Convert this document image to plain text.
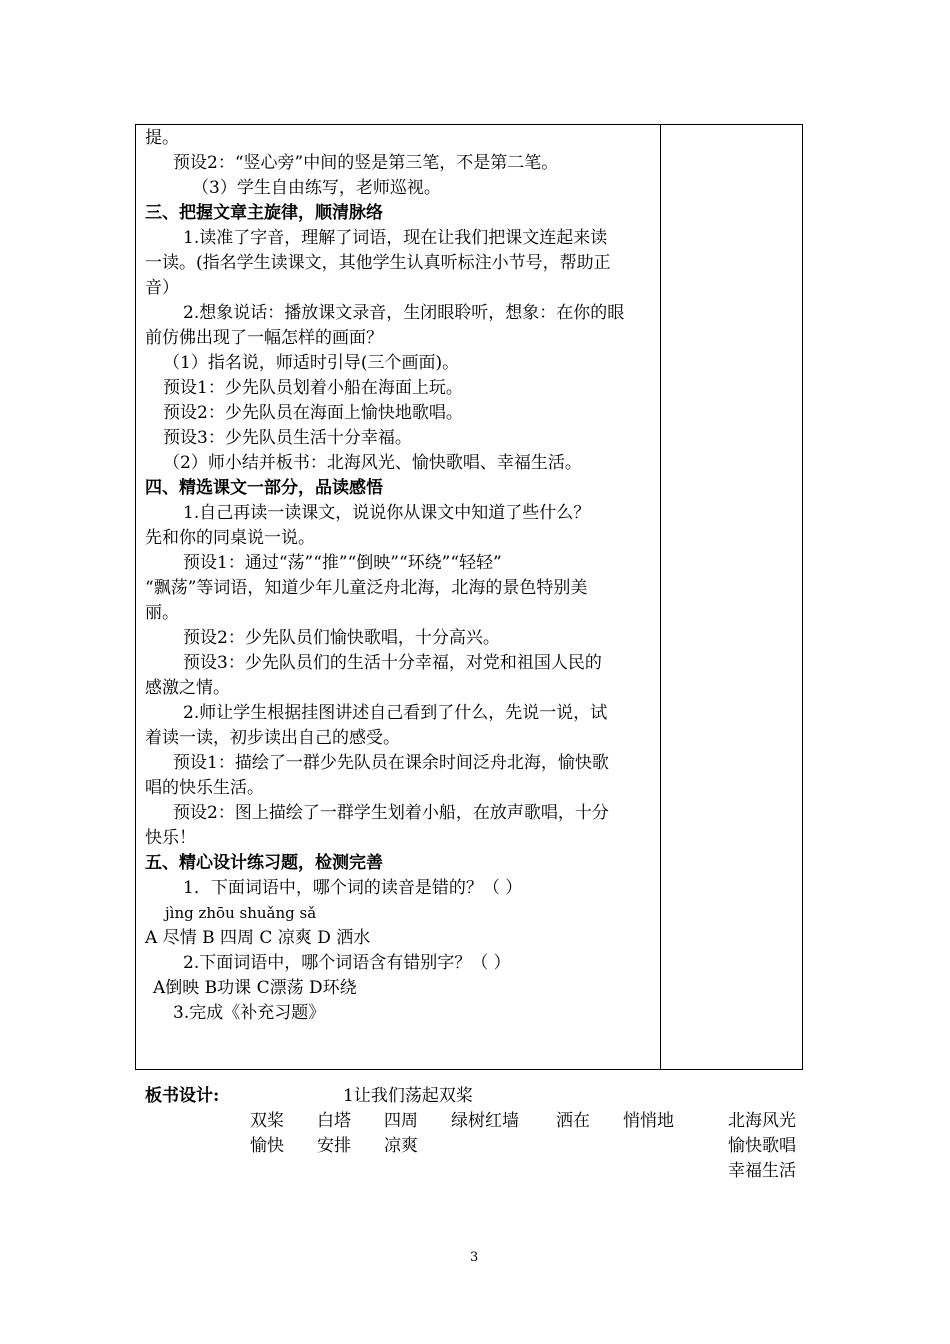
提。
预设2：“竖心旁”中间的竖是第三笔，不是第二笔。
（3）学生自由练写，老师巡视。
三、把握文章主旋律，顺清脉络
1.读准了字音，理解了词语，现在让我们把课文连起来读
一读。(指名学生读课文，其他学生认真听标注小节号，帮助正
音）
2.想象说话：播放课文录音，生闭眼聆听，想象：在你的眼
前仿佛出现了一幅怎样的画面？
（1）指名说，师适时引导(三个画面)。
预设1：少先队员划着小船在海面上玩。
预设2：少先队员在海面上愉快地歌唱。
预设3：少先队员生活十分幸福。
（2）师小结并板书：北海风光、愉快歌唱、幸福生活。
四、精选课文一部分，品读感悟
1.自己再读一读课文，说说你从课文中知道了些什么？
先和你的同桌说一说。
预设1：通过“荡”“推”“倒映”“环绕”“轻轻”
“飘荡”等词语，知道少年儿童泛舟北海，北海的景色特别美
丽。
预设2：少先队员们愉快歌唱，十分高兴。
预设3：少先队员们的生活十分幸福，对党和祖国人民的
感激之情。
2.师让学生根据挂图讲述自己看到了什么，先说一说，试
着读一读，初步读出自己的感受。
预设1：描绘了一群少先队员在课余时间泛舟北海，愉快歌
唱的快乐生活。
预设2：图上描绘了一群学生划着小船，在放声歌唱，十分
快乐！
五、精心设计练习题，检测完善
1．下面词语中，哪个词的读音是错的？（ ）
jìng zhōu shuǎng sǎ
A 尽情 B 四周 C 凉爽 D 洒水
2.下面词语中，哪个词语含有错别字？（ ）
A倒映 B功课 C漂荡 D环绕
3.完成《补充习题》
板书设计:	1让我们荡起双桨
双桨 白塔 四周 绿树红墙 洒在 悄悄地
愉快 安排 凉爽
北海风光
愉快歌唱
幸福生活
3
